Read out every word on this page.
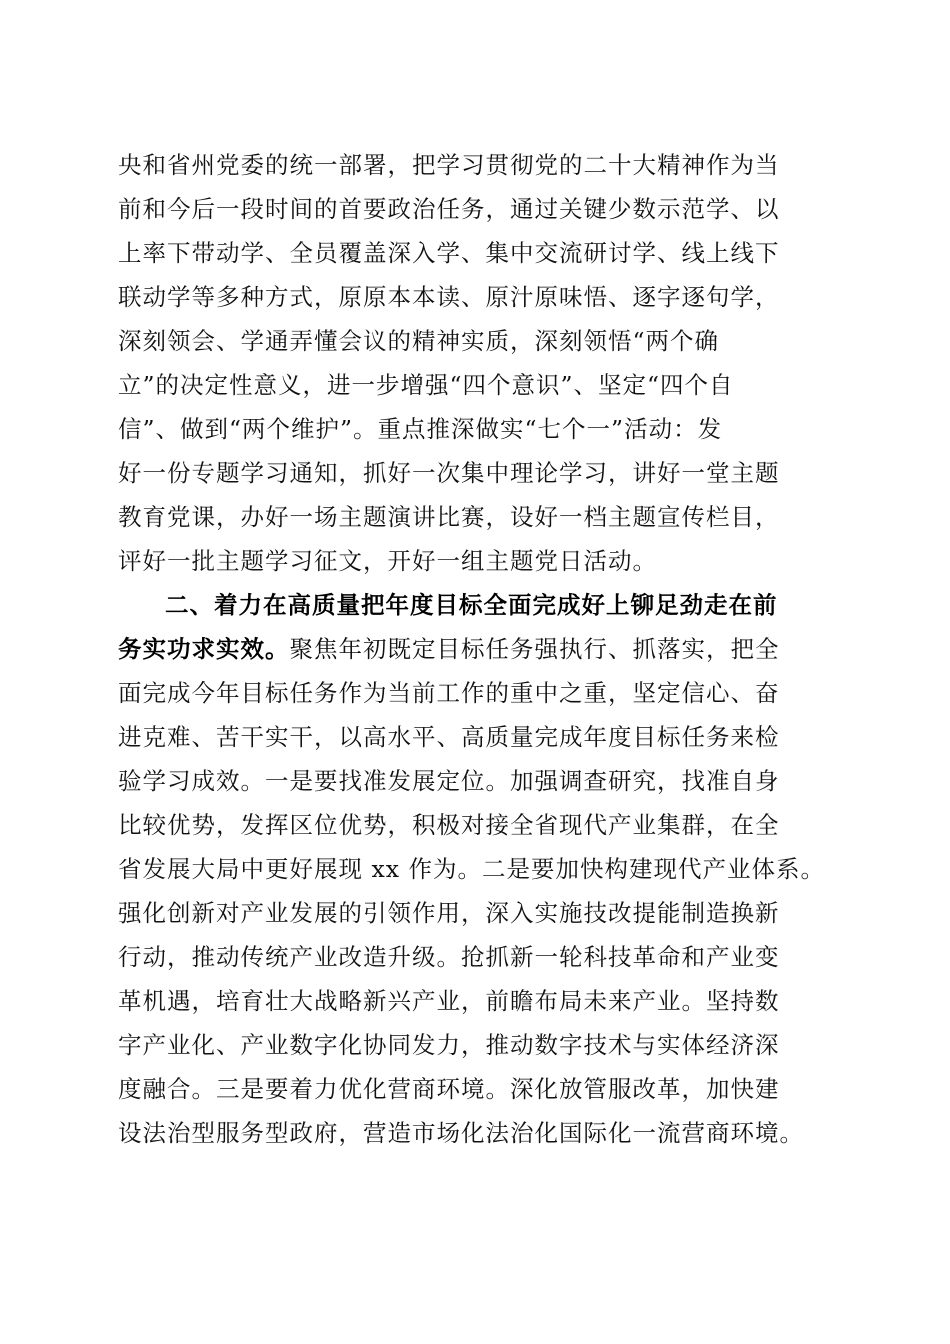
央和省州党委的统一部署，把学习贯彻党的二十大精神作为当
前和今后一段时间的首要政治任务，通过关键少数示范学、以
上率下带动学、全员覆盖深入学、集中交流研讨学、线上线下
联动学等多种方式，原原本本读、原汁原味悟、逐字逐句学，
深刻领会、学通弄懂会议的精神实质，深刻领悟“两个确
立”的决定性意义，进一步增强“四个意识”、坚定“四个自
信”、做到“两个维护”。重点推深做实“七个一”活动：发
好一份专题学习通知，抓好一次集中理论学习，讲好一堂主题
教育党课，办好一场主题演讲比赛，设好一档主题宣传栏目，
评好一批主题学习征文，开好一组主题党日活动。
二、着力在高质量把年度目标全面完成好上铆足劲走在前
务实功求实效。聚焦年初既定目标任务强执行、抓落实，把全
面完成今年目标任务作为当前工作的重中之重，坚定信心、奋
进克难、苦干实干，以高水平、高质量完成年度目标任务来检
验学习成效。一是要找准发展定位。加强调查研究，找准自身
比较优势，发挥区位优势，积极对接全省现代产业集群，在全
省发展大局中更好展现 xx 作为。二是要加快构建现代产业体系。
强化创新对产业发展的引领作用，深入实施技改提能制造换新
行动，推动传统产业改造升级。抢抓新一轮科技革命和产业变
革机遇，培育壮大战略新兴产业，前瞻布局未来产业。坚持数
字产业化、产业数字化协同发力，推动数字技术与实体经济深
度融合。三是要着力优化营商环境。深化放管服改革，加快建
设法治型服务型政府，营造市场化法治化国际化一流营商环境。
